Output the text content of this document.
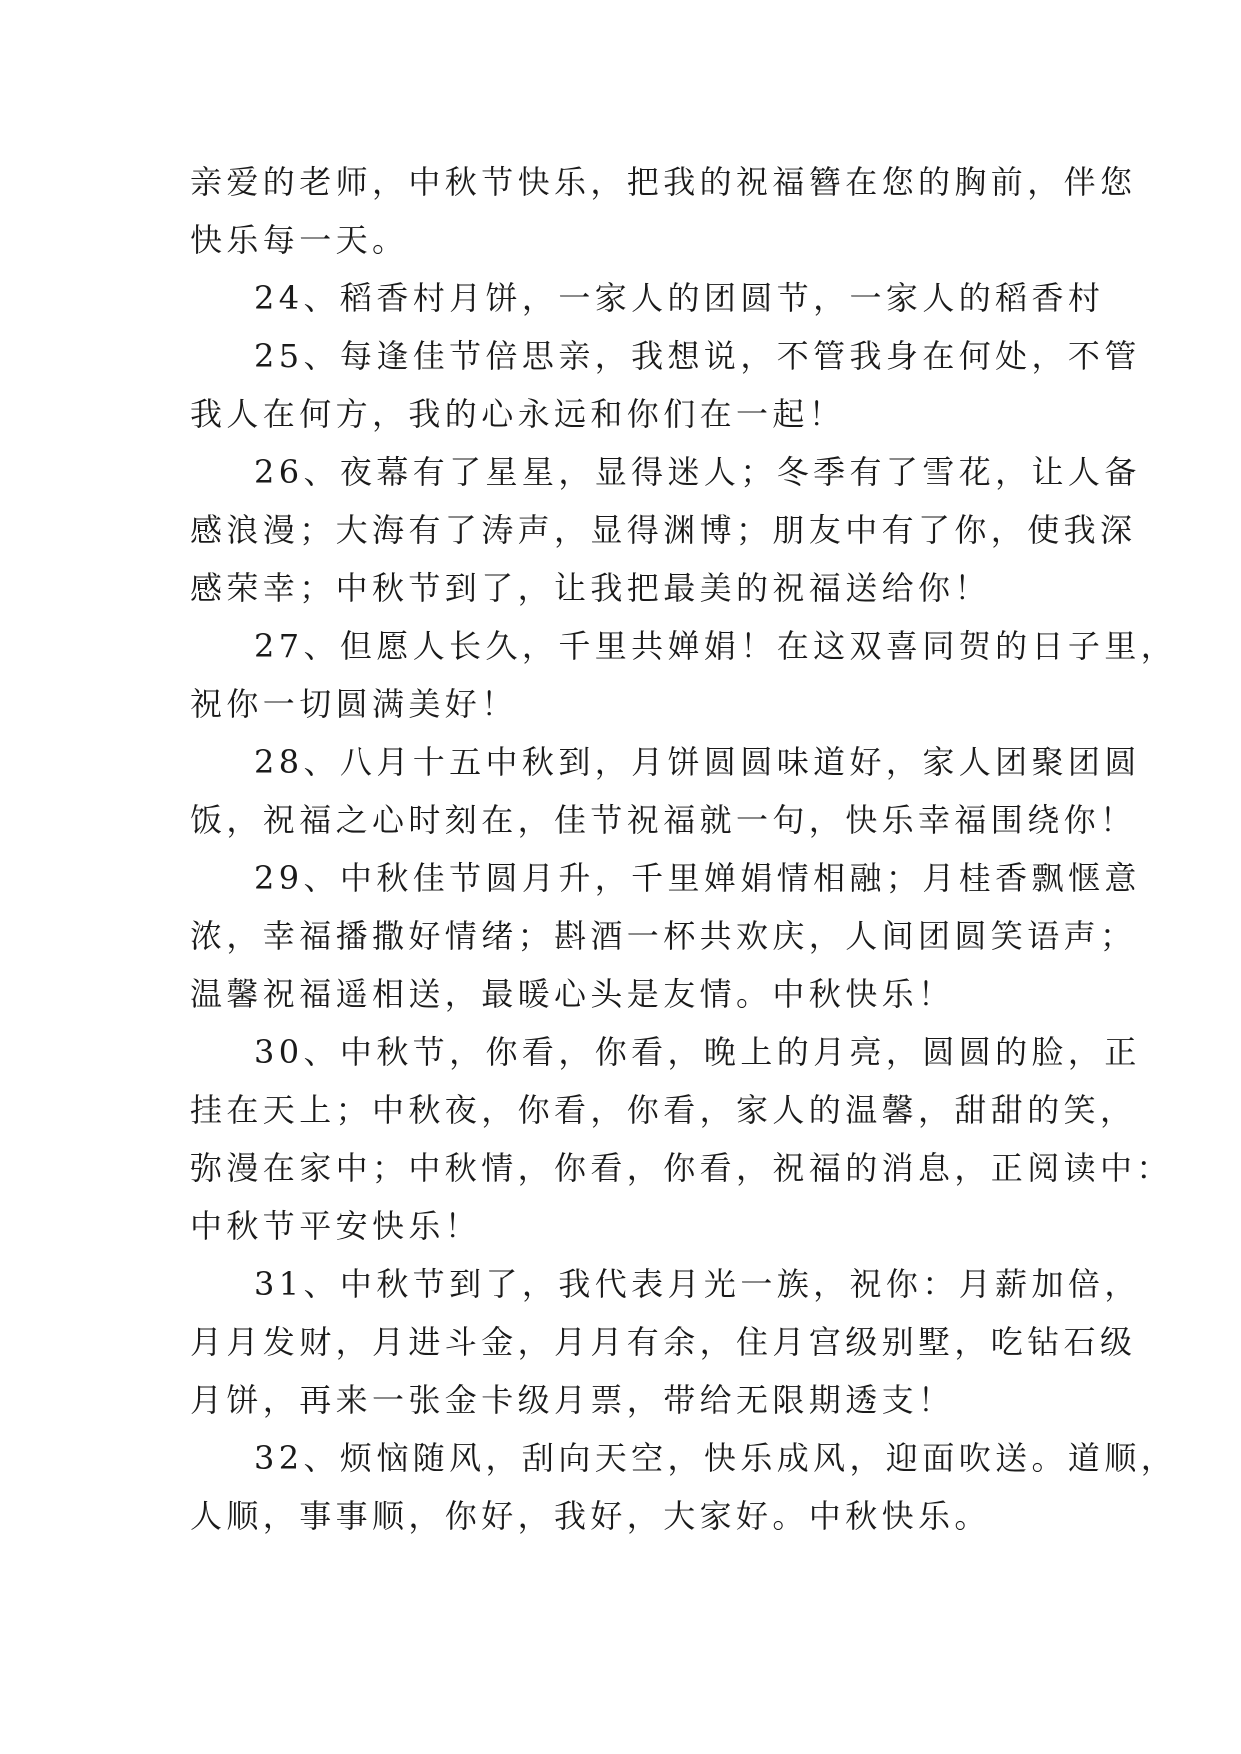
亲爱的老师，中秋节快乐，把我的祝福簪在您的胸前，伴您
快乐每一天。

24、稻香村月饼，一家人的团圆节，一家人的稻香村

25、每逢佳节倍思亲，我想说，不管我身在何处，不管
我人在何方，我的心永远和你们在一起！

26、夜幕有了星星，显得迷人；冬季有了雪花，让人备
感浪漫；大海有了涛声，显得渊博；朋友中有了你，使我深
感荣幸；中秋节到了，让我把最美的祝福送给你！

27、但愿人长久，千里共婵娟！在这双喜同贺的日子里，
祝你一切圆满美好！

28、八月十五中秋到，月饼圆圆味道好，家人团聚团圆
饭，祝福之心时刻在，佳节祝福就一句，快乐幸福围绕你！

29、中秋佳节圆月升，千里婵娟情相融；月桂香飘惬意
浓，幸福播撒好情绪；斟酒一杯共欢庆，人间团圆笑语声；
温馨祝福遥相送，最暖心头是友情。中秋快乐！

30、中秋节，你看，你看，晚上的月亮，圆圆的脸，正
挂在天上；中秋夜，你看，你看，家人的温馨，甜甜的笑，
弥漫在家中；中秋情，你看，你看，祝福的消息，正阅读中：
中秋节平安快乐！

31、中秋节到了，我代表月光一族，祝你：月薪加倍，
月月发财，月进斗金，月月有余，住月宫级别墅，吃钻石级
月饼，再来一张金卡级月票，带给无限期透支！

32、烦恼随风，刮向天空，快乐成风，迎面吹送。道顺，
人顺，事事顺，你好，我好，大家好。中秋快乐。
